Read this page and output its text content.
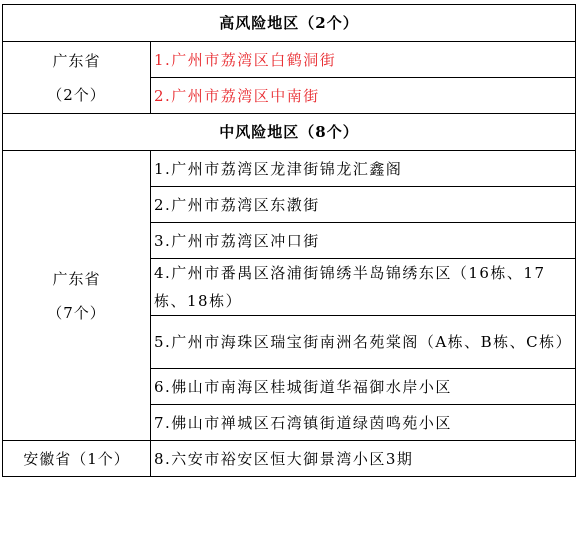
高风险地区（2个）	

广东省
（2个）	1.广州市荔湾区白鹤洞街
	2.广州市荔湾区中南街
中风险地区（8个）	

广东省
（7个）	1.广州市荔湾区龙津街锦龙汇鑫阁
	2.广州市荔湾区东漖街
	3.广州市荔湾区冲口街
	4.广州市番禺区洛浦街锦绣半岛锦绣东区（16栋、17栋、18栋）
	5.广州市海珠区瑞宝街南洲名苑棠阁（A栋、B栋、C栋）
	6.佛山市南海区桂城街道华福御水岸小区
	7.佛山市禅城区石湾镇街道绿茵鸣苑小区
安徽省（1个）	8.六安市裕安区恒大御景湾小区3期
